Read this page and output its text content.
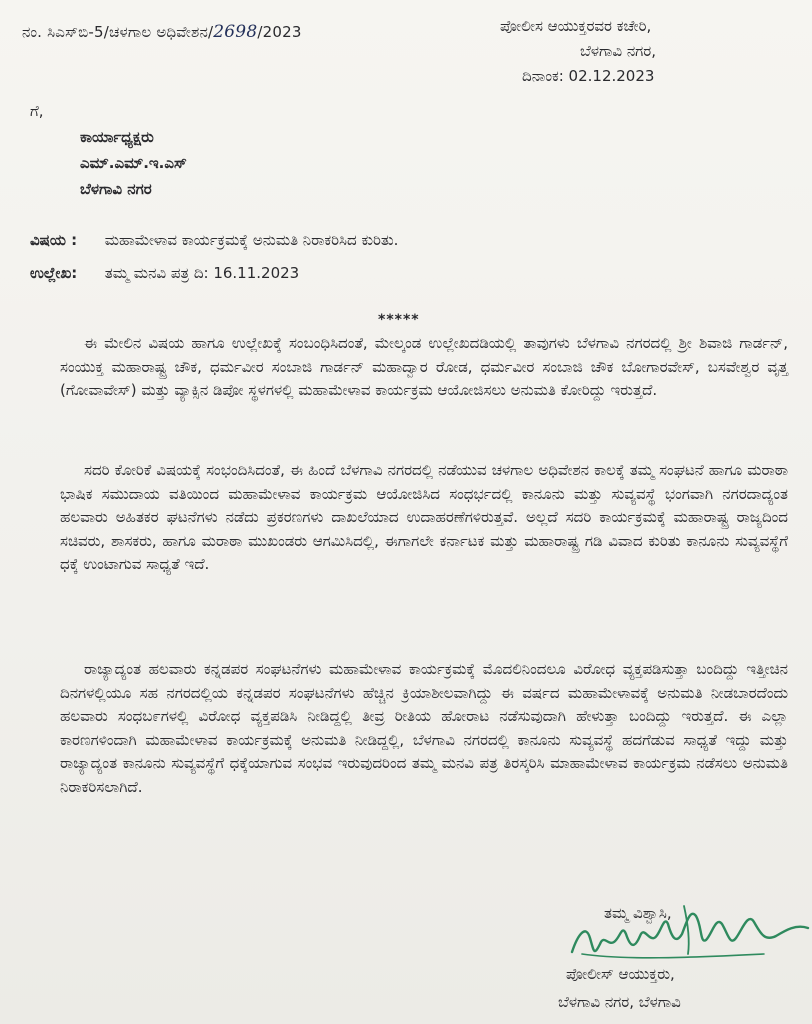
ನಂ. ಸಿಎಸ್‌ಬಿ-5/ಚಳಗಾಲ ಅಧಿವೇಶನ/2698/2023	ಪೋಲೀಸ ಆಯುಕ್ತರವರ ಕಚೇರಿ,
ಬೆಳಗಾವಿ ನಗರ,
ದಿನಾಂಕ: 02.12.2023
ಗೆ,
ಕಾರ್ಯಾಧ್ಯಕ್ಷರು
ಎಮ್.ಎಮ್.ಇ.ಎಸ್
ಬೆಳಗಾವಿ ನಗರ
ವಿಷಯ : ಮಹಾಮೇಳಾವ ಕಾರ್ಯಕ್ರಮಕ್ಕೆ ಅನುಮತಿ ನಿರಾಕರಿಸಿದ ಕುರಿತು.
ಉಲ್ಲೇಖ: ತಮ್ಮ ಮನವಿ ಪತ್ರ ದಿ: 16.11.2023
*****
ಈ ಮೇಲಿನ ವಿಷಯ ಹಾಗೂ ಉಲ್ಲೇಖಕ್ಕೆ ಸಂಬಂಧಿಸಿದಂತೆ, ಮೇಲ್ಕಂಡ ಉಲ್ಲೇಖದಡಿಯಲ್ಲಿ ತಾವುಗಳು ಬೆಳಗಾವಿ ನಗರದಲ್ಲಿ ಶ್ರೀ ಶಿವಾಜಿ ಗಾರ್ಡನ್, ಸಂಯುಕ್ತ ಮಹಾರಾಷ್ಟ್ರ ಚೌಕ, ಧರ್ಮವೀರ ಸಂಬಾಜಿ ಗಾರ್ಡನ್ ಮಹಾದ್ವಾರ ರೋಡ, ಧರ್ಮವೀರ ಸಂಬಾಜಿ ಚೌಕ ಬೋಗಾರವೇಸ್, ಬಸವೇಶ್ವರ ವೃತ್ತ (ಗೋವಾವೇಸ್) ಮತ್ತು ವ್ಯಾಕ್ಸಿನ ಡಿಪೋ ಸ್ಥಳಗಳಲ್ಲಿ ಮಹಾಮೇಳಾವ ಕಾರ್ಯಕ್ರಮ ಆಯೋಜಿಸಲು ಅನುಮತಿ ಕೋರಿದ್ದು ಇರುತ್ತದೆ.
ಸದರಿ ಕೋರಿಕೆ ವಿಷಯಕ್ಕೆ ಸಂಭಂದಿಸಿದಂತೆ, ಈ ಹಿಂದೆ ಬೆಳಗಾವಿ ನಗರದಲ್ಲಿ ನಡೆಯುವ ಚಳಗಾಲ ಅಧಿವೇಶನ ಕಾಲಕ್ಕೆ ತಮ್ಮ ಸಂಘಟನೆ ಹಾಗೂ ಮರಾಠಾ ಭಾಷಿಕ ಸಮುದಾಯ ವತಿಯಿಂದ ಮಹಾಮೇಳಾವ ಕಾರ್ಯಕ್ರಮ ಆಯೋಜಿಸಿದ ಸಂಧರ್ಭದಲ್ಲಿ ಕಾನೂನು ಮತ್ತು ಸುವ್ಯವಸ್ಥೆ ಭಂಗವಾಗಿ ನಗರದಾದ್ಯಂತ ಹಲವಾರು ಅಹಿತಕರ ಘಟನೆಗಳು ನಡೆದು ಪ್ರಕರಣಗಳು ದಾಖಲೆಯಾದ ಉದಾಹರಣೆಗಳಿರುತ್ತವೆ. ಅಲ್ಲದೆ ಸದರಿ ಕಾರ್ಯಕ್ರಮಕ್ಕೆ ಮಹಾರಾಷ್ಟ್ರ ರಾಜ್ಯದಿಂದ ಸಚಿವರು, ಶಾಸಕರು, ಹಾಗೂ ಮರಾಠಾ ಮುಖಂಡರು ಆಗಮಿಸಿದಲ್ಲಿ, ಈಗಾಗಲೇ ಕರ್ನಾಟಕ ಮತ್ತು ಮಹಾರಾಷ್ಟ್ರ ಗಡಿ ವಿವಾದ ಕುರಿತು ಕಾನೂನು ಸುವ್ಯವಸ್ಥೆಗೆ ಧಕ್ಕೆ ಉಂಟಾಗುವ ಸಾಧ್ಯತೆ ಇದೆ.
ರಾಜ್ಯಾದ್ಯಂತ ಹಲವಾರು ಕನ್ನಡಪರ ಸಂಘಟನೆಗಳು ಮಹಾಮೇಳಾವ ಕಾರ್ಯಕ್ರಮಕ್ಕೆ ಮೊದಲಿನಿಂದಲೂ ವಿರೋಧ ವ್ಯಕ್ತಪಡಿಸುತ್ತಾ ಬಂದಿದ್ದು ಇತ್ತೀಚಿನ ದಿನಗಳಲ್ಲಿಯೂ ಸಹ ನಗರದಲ್ಲಿಯ ಕನ್ನಡಪರ ಸಂಘಟನೆಗಳು ಹೆಚ್ಚಿನ ಕ್ರಿಯಾಶೀಲವಾಗಿದ್ದು ಈ ವರ್ಷದ ಮಹಾಮೇಳಾವಕ್ಕೆ ಅನುಮತಿ ನೀಡಬಾರದೆಂದು ಹಲವಾರು ಸಂಧಬ೯ಗಳಲ್ಲಿ ವಿರೋಧ ವ್ಯಕ್ತಪಡಿಸಿ ನೀಡಿದ್ದಲ್ಲಿ ತೀವ್ರ ರೀತಿಯ ಹೋರಾಟ ನಡೆಸುವುದಾಗಿ ಹೇಳುತ್ತಾ ಬಂದಿದ್ದು ಇರುತ್ತದೆ. ಈ ಎಲ್ಲಾ ಕಾರಣಗಳಿಂದಾಗಿ ಮಹಾಮೇಳಾವ ಕಾರ್ಯಕ್ರಮಕ್ಕೆ ಅನುಮತಿ ನೀಡಿದ್ದಲ್ಲಿ, ಬೆಳಗಾವಿ ನಗರದಲ್ಲಿ ಕಾನೂನು ಸುವ್ಯವಸ್ಥೆ ಹದಗೆಡುವ ಸಾಧ್ಯತೆ ಇದ್ದು ಮತ್ತು ರಾಜ್ಯಾದ್ಯಂತ ಕಾನೂನು ಸುವ್ಯವಸ್ಥೆಗೆ ಧಕ್ಕೆಯಾಗುವ ಸಂಭವ ಇರುವುದರಿಂದ ತಮ್ಮ ಮನವಿ ಪತ್ರ ತಿರಸ್ಕರಿಸಿ ಮಾಹಾಮೇಳಾವ ಕಾರ್ಯಕ್ರಮ ನಡೆಸಲು ಅನುಮತಿ ನಿರಾಕರಿಸಲಾಗಿದೆ.
ತಮ್ಮ ವಿಶ್ವಾಸಿ,
ಪೋಲೀಸ್ ಆಯುಕ್ತರು,
ಬೆಳಗಾವಿ ನಗರ, ಬೆಳಗಾವಿ
